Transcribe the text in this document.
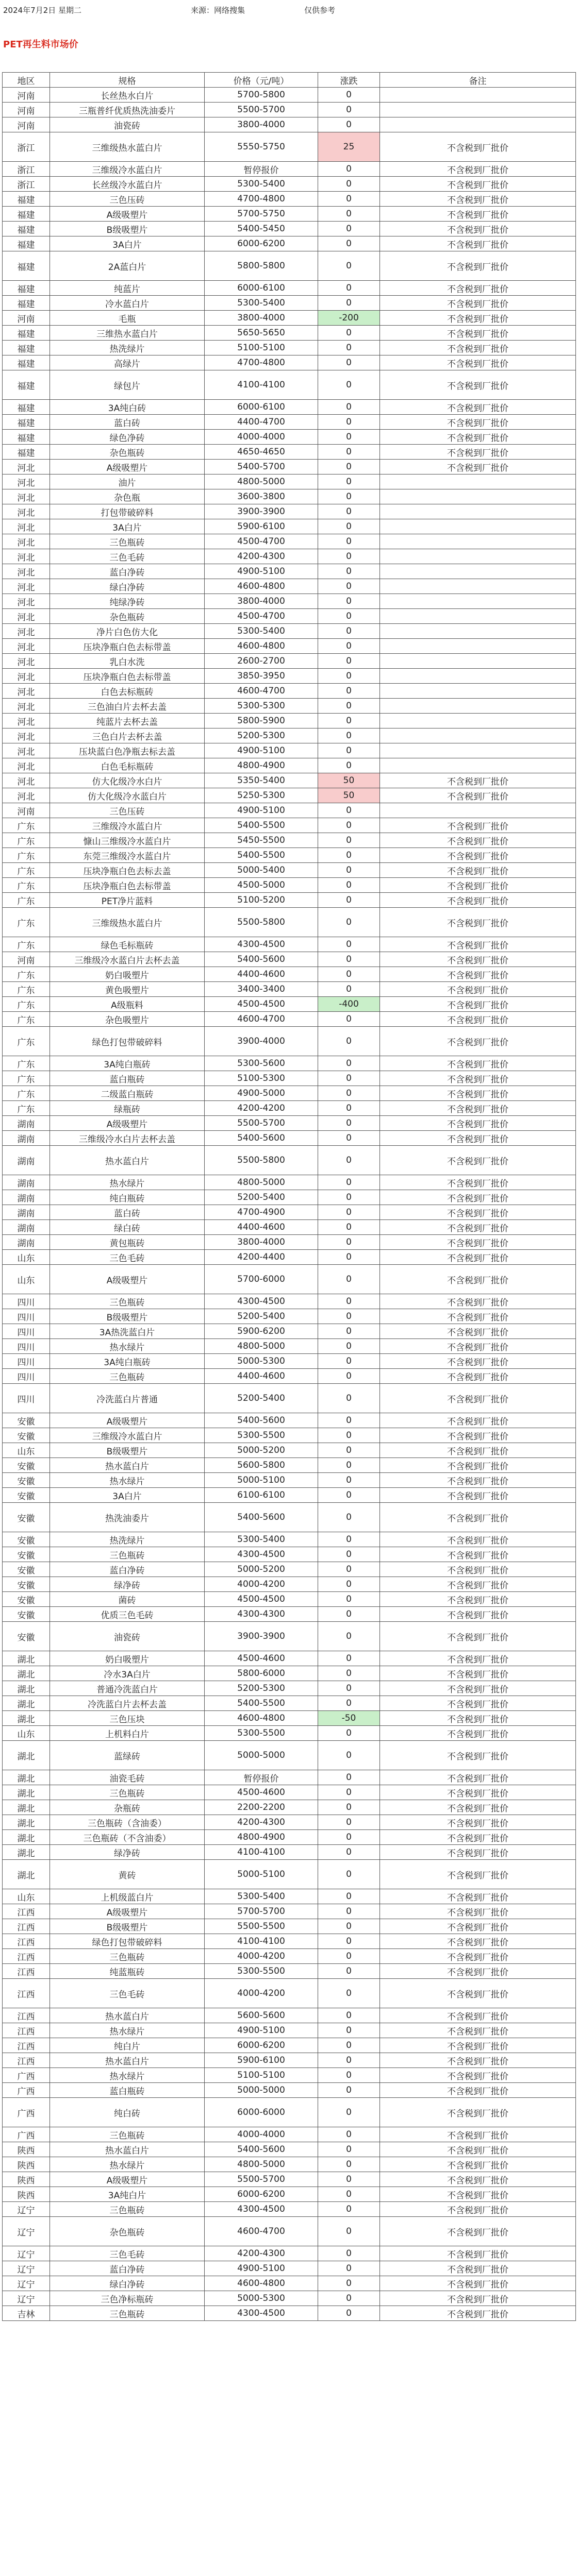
2024年7月2日 星期二	来源：网络搜集	仅供参考
PET再生料市场价
地区	规格	价格（元/吨）	涨跌	备注
河南	长丝热水白片	5700-5800	0	
河南	三瓶普纤优质热洗油委片	5500-5700	0	
河南	油瓷砖	3800-4000	0	
浙江	三维级热水蓝白片	5550-5750	25	不含税到厂批价
浙江	三维级冷水蓝白片	暂停报价	0	不含税到厂批价
浙江	长丝级冷水蓝白片	5300-5400	0	不含税到厂批价
福建	三色压砖	4700-4800	0	不含税到厂批价
福建	A级吸塑片	5700-5750	0	不含税到厂批价
福建	B级吸塑片	5400-5450	0	不含税到厂批价
福建	3A白片	6000-6200	0	不含税到厂批价
福建	2A蓝白片	5800-5800	0	不含税到厂批价
福建	纯蓝片	6000-6100	0	不含税到厂批价
福建	冷水蓝白片	5300-5400	0	不含税到厂批价
河南	毛瓶	3800-4000	-200	不含税到厂批价
福建	三维热水蓝白片	5650-5650	0	不含税到厂批价
福建	热洗绿片	5100-5100	0	不含税到厂批价
福建	高绿片	4700-4800	0	不含税到厂批价
福建	绿包片	4100-4100	0	不含税到厂批价
福建	3A纯白砖	6000-6100	0	不含税到厂批价
福建	蓝白砖	4400-4700	0	不含税到厂批价
福建	绿色净砖	4000-4000	0	不含税到厂批价
福建	杂色瓶砖	4650-4650	0	不含税到厂批价
河北	A级吸塑片	5400-5700	0	不含税到厂批价
河北	油片	4800-5000	0	
河北	杂色瓶	3600-3800	0	
河北	打包带破碎料	3900-3900	0	
河北	3A白片	5900-6100	0	
河北	三色瓶砖	4500-4700	0	
河北	三色毛砖	4200-4300	0	
河北	蓝白净砖	4900-5100	0	
河北	绿白净砖	4600-4800	0	
河北	纯绿净砖	3800-4000	0	
河北	杂色瓶砖	4500-4700	0	
河北	净片白色仿大化	5300-5400	0	
河北	压块净瓶白色去标带盖	4600-4800	0	
河北	乳白水洗	2600-2700	0	
河北	压块净瓶白色去标带盖	3850-3950	0	
河北	白色去标瓶砖	4600-4700	0	
河北	三色油白片去杯去盖	5300-5300	0	
河北	纯蓝片去杯去盖	5800-5900	0	
河北	三色白片去杯去盖	5200-5300	0	
河北	压块蓝白色净瓶去标去盖	4900-5100	0	
河北	白色毛标瓶砖	4800-4900	0	
河北	仿大化级冷水白片	5350-5400	50	不含税到厂批价
河北	仿大化级冷水蓝白片	5250-5300	50	不含税到厂批价
河南	三色压砖	4900-5100	0	
广东	三维级冷水蓝白片	5400-5500	0	不含税到厂批价
广东	慷山三维级冷水蓝白片	5450-5500	0	不含税到厂批价
广东	东莞三维级冷水蓝白片	5400-5500	0	不含税到厂批价
广东	压块净瓶白色去标去盖	5000-5400	0	不含税到厂批价
广东	压块净瓶白色去标带盖	4500-5000	0	不含税到厂批价
广东	PET净片蓝料	5100-5200	0	不含税到厂批价
广东	三维级热水蓝白片	5500-5800	0	不含税到厂批价
广东	绿色毛标瓶砖	4300-4500	0	不含税到厂批价
河南	三维级冷水蓝白片去杯去盖	5400-5600	0	不含税到厂批价
广东	奶白吸塑片	4400-4600	0	不含税到厂批价
广东	黄色吸塑片	3400-3400	0	不含税到厂批价
广东	A级瓶料	4500-4500	-400	不含税到厂批价
广东	杂色吸塑片	4600-4700	0	不含税到厂批价
广东	绿色打包带破碎料	3900-4000	0	不含税到厂批价
广东	3A纯白瓶砖	5300-5600	0	不含税到厂批价
广东	蓝白瓶砖	5100-5300	0	不含税到厂批价
广东	二级蓝白瓶砖	4900-5000	0	不含税到厂批价
广东	绿瓶砖	4200-4200	0	不含税到厂批价
湖南	A级吸塑片	5500-5700	0	不含税到厂批价
湖南	三维级冷水白片去杯去盖	5400-5600	0	不含税到厂批价
湖南	热水蓝白片	5500-5800	0	不含税到厂批价
湖南	热水绿片	4800-5000	0	不含税到厂批价
湖南	纯白瓶砖	5200-5400	0	不含税到厂批价
湖南	蓝白砖	4700-4900	0	不含税到厂批价
湖南	绿白砖	4400-4600	0	不含税到厂批价
湖南	黄包瓶砖	3800-4000	0	不含税到厂批价
山东	三色毛砖	4200-4400	0	不含税到厂批价
山东	A级吸塑片	5700-6000	0	不含税到厂批价
四川	三色瓶砖	4300-4500	0	不含税到厂批价
四川	B级吸塑片	5200-5400	0	不含税到厂批价
四川	3A热洗蓝白片	5900-6200	0	不含税到厂批价
四川	热水绿片	4800-5000	0	不含税到厂批价
四川	3A纯白瓶砖	5000-5300	0	不含税到厂批价
四川	三色瓶砖	4400-4600	0	不含税到厂批价
四川	冷洗蓝白片普通	5200-5400	0	不含税到厂批价
安徽	A级吸塑片	5400-5600	0	不含税到厂批价
安徽	三维级冷水蓝白片	5300-5500	0	不含税到厂批价
山东	B级吸塑片	5000-5200	0	不含税到厂批价
安徽	热水蓝白片	5600-5800	0	不含税到厂批价
安徽	热水绿片	5000-5100	0	不含税到厂批价
安徽	3A白片	6100-6100	0	不含税到厂批价
安徽	热洗油委片	5400-5600	0	不含税到厂批价
安徽	热洗绿片	5300-5400	0	不含税到厂批价
安徽	三色瓶砖	4300-4500	0	不含税到厂批价
安徽	蓝白净砖	5000-5200	0	不含税到厂批价
安徽	绿净砖	4000-4200	0	不含税到厂批价
安徽	菌砖	4500-4500	0	不含税到厂批价
安徽	优质三色毛砖	4300-4300	0	不含税到厂批价
安徽	油瓷砖	3900-3900	0	不含税到厂批价
湖北	奶白吸塑片	4500-4600	0	不含税到厂批价
湖北	冷水3A白片	5800-6000	0	不含税到厂批价
湖北	普通冷洗蓝白片	5200-5300	0	不含税到厂批价
湖北	冷洗蓝白片去杯去盖	5400-5500	0	不含税到厂批价
湖北	三色压块	4600-4800	-50	不含税到厂批价
山东	上机料白片	5300-5500	0	不含税到厂批价
湖北	蓝绿砖	5000-5000	0	不含税到厂批价
湖北	油瓷毛砖	暂停报价	0	不含税到厂批价
湖北	三色瓶砖	4500-4600	0	不含税到厂批价
湖北	杂瓶砖	2200-2200	0	不含税到厂批价
湖北	三色瓶砖（含油委）	4200-4300	0	不含税到厂批价
湖北	三色瓶砖（不含油委）	4800-4900	0	不含税到厂批价
湖北	绿净砖	4100-4100	0	不含税到厂批价
湖北	黄砖	5000-5100	0	不含税到厂批价
山东	上机级蓝白片	5300-5400	0	不含税到厂批价
江西	A级吸塑片	5700-5700	0	不含税到厂批价
江西	B级吸塑片	5500-5500	0	不含税到厂批价
江西	绿色打包带破碎料	4100-4100	0	不含税到厂批价
江西	三色瓶砖	4000-4200	0	不含税到厂批价
江西	纯蓝瓶砖	5300-5500	0	不含税到厂批价
江西	三色毛砖	4000-4200	0	不含税到厂批价
江西	热水蓝白片	5600-5600	0	不含税到厂批价
江西	热水绿片	4900-5100	0	不含税到厂批价
江西	纯白片	6000-6200	0	不含税到厂批价
江西	热水蓝白片	5900-6100	0	不含税到厂批价
广西	热水绿片	5100-5100	0	不含税到厂批价
广西	蓝白瓶砖	5000-5000	0	不含税到厂批价
广西	纯白砖	6000-6000	0	不含税到厂批价
广西	三色瓶砖	4000-4000	0	不含税到厂批价
陕西	热水蓝白片	5400-5600	0	不含税到厂批价
陕西	热水绿片	4800-5000	0	不含税到厂批价
陕西	A级吸塑片	5500-5700	0	不含税到厂批价
陕西	3A纯白片	6000-6200	0	不含税到厂批价
辽宁	三色瓶砖	4300-4500	0	不含税到厂批价
辽宁	杂色瓶砖	4600-4700	0	不含税到厂批价
辽宁	三色毛砖	4200-4300	0	不含税到厂批价
辽宁	蓝白净砖	4900-5100	0	不含税到厂批价
辽宁	绿白净砖	4600-4800	0	不含税到厂批价
辽宁	三色净标瓶砖	5000-5300	0	不含税到厂批价
吉林	三色瓶砖	4300-4500	0	不含税到厂批价
